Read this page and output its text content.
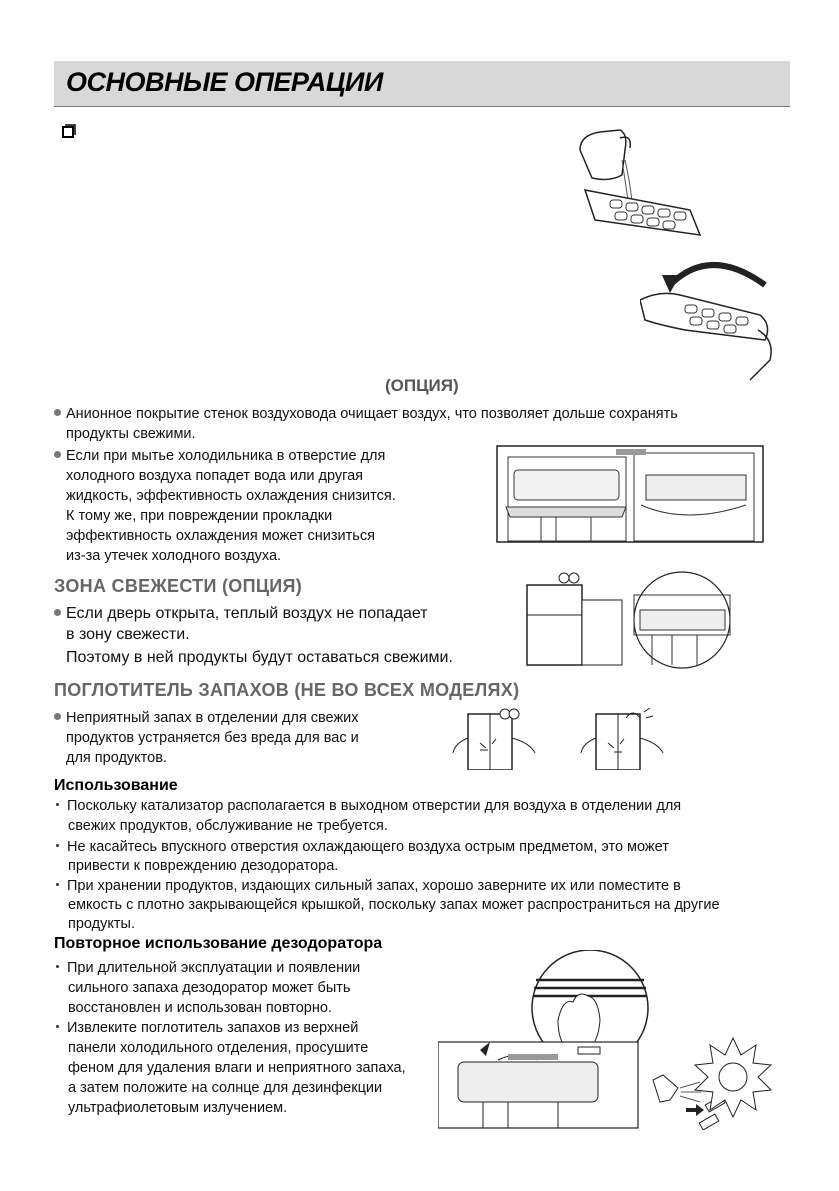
ОСНОВНЫЕ ОПЕРАЦИИ
(ОПЦИЯ)
Анионное покрытие стенок воздуховода очищает воздух, что позволяет дольше сохранять
продукты свежими.
Если при мытье холодильника в отверстие для
холодного воздуха попадет вода или другая
жидкость, эффективность охлаждения снизится.
К тому же, при повреждении прокладки
эффективность охлаждения может снизиться
из-за утечек холодного воздуха.
ЗОНА СВЕЖЕСТИ (ОПЦИЯ)
Если дверь открыта, теплый воздух не попадает
в зону свежести.
Поэтому в ней продукты будут оставаться свежими.
ПОГЛОТИТЕЛЬ ЗАПАХОВ (НЕ ВО ВСЕХ МОДЕЛЯХ)
Неприятный запах в отделении для свежих
продуктов устраняется без вреда для вас и
для продуктов.
Использование
Поскольку катализатор располагается в выходном отверстии для воздуха в отделении для
свежих продуктов, обслуживание не требуется.
Не касайтесь впускного отверстия охлаждающего воздуха острым предметом, это может
привести к повреждению дезодоратора.
При хранении продуктов, издающих сильный запах, хорошо заверните их или поместите в
емкость с плотно закрывающейся крышкой, поскольку запах может распространиться на другие
продукты.
Повторное использование дезодоратора
При длительной эксплуатации и появлении
сильного запаха дезодоратор может быть
восстановлен и использован повторно.
Извлеките поглотитель запахов из верхней
панели холодильного отделения, просушите
феном для удаления влаги и неприятного запаха,
а затем положите на солнце для дезинфекции
ультрафиолетовым излучением.
